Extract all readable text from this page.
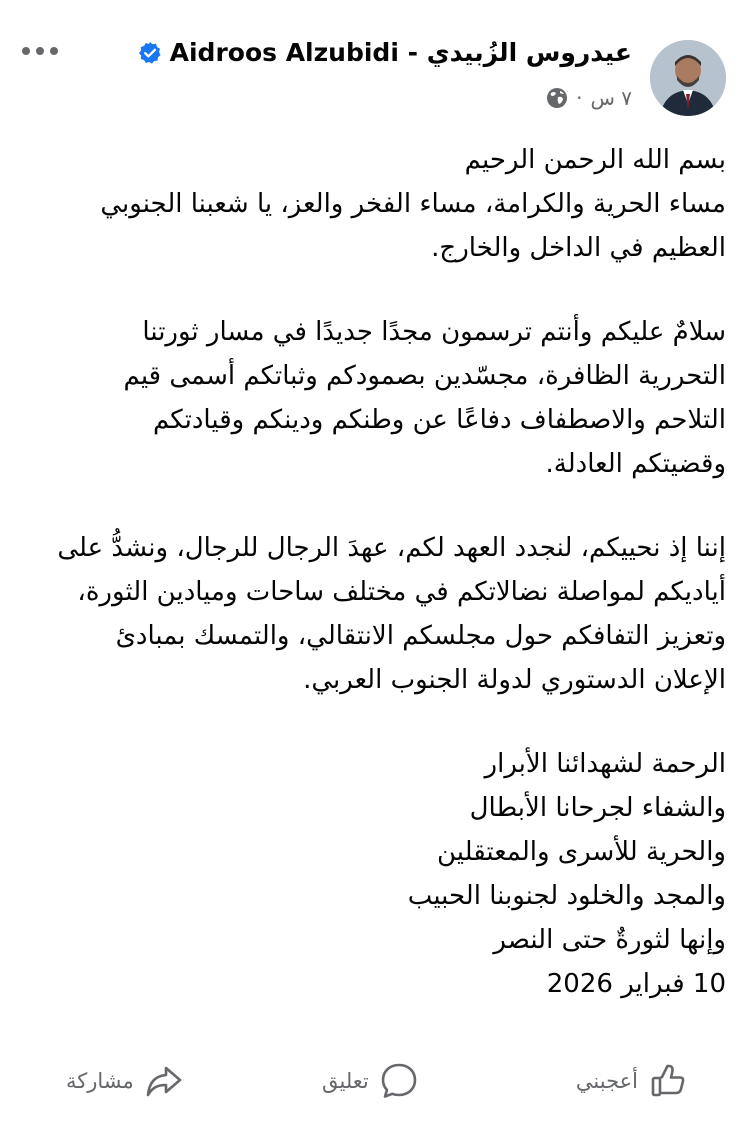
Aidroos Alzubidi - عيدروس الزُبيدي
٧ س
·

بسم الله الرحمن الرحيم
مساء الحرية والكرامة، مساء الفخر والعز، يا شعبنا الجنوبي
العظيم في الداخل والخارج.

سلامٌ عليكم وأنتم ترسمون مجدًا جديدًا في مسار ثورتنا
التحررية الظافرة، مجسّدين بصمودكم وثباتكم أسمى قيم
التلاحم والاصطفاف دفاعًا عن وطنكم ودينكم وقيادتكم
وقضيتكم العادلة.

إننا إذ نحييكم، لنجدد العهد لكم، عهدَ الرجال للرجال، ونشدُّ على
أياديكم لمواصلة نضالاتكم في مختلف ساحات وميادين الثورة،
وتعزيز التفافكم حول مجلسكم الانتقالي، والتمسك بمبادئ
الإعلان الدستوري لدولة الجنوب العربي.

الرحمة لشهدائنا الأبرار
والشفاء لجرحانا الأبطال
والحرية للأسرى والمعتقلين
والمجد والخلود لجنوبنا الحبيب
وإنها لثورةٌ حتى النصر
10 فبراير 2026

أعجبني
تعليق
مشاركة
